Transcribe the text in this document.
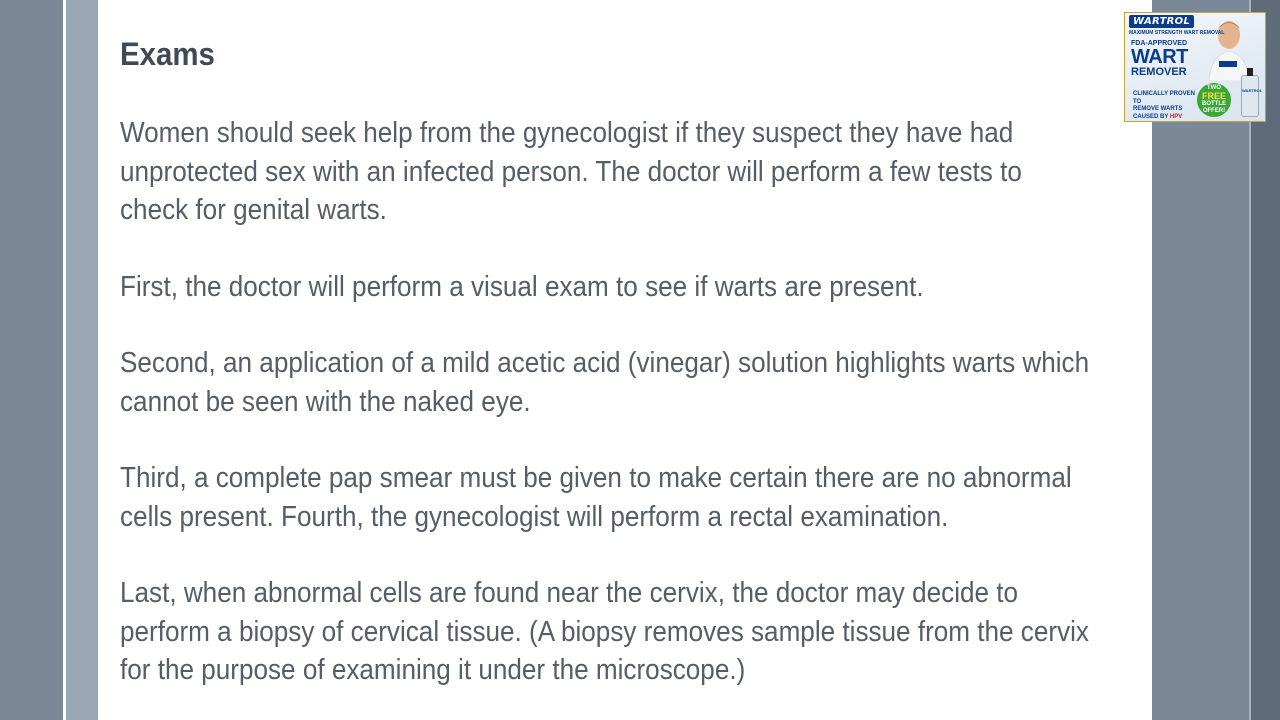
Exams

Women should seek help from the gynecologist if they suspect they have had unprotected sex with an infected person. The doctor will perform a few tests to check for genital warts.

First, the doctor will perform a visual exam to see if warts are present.

Second, an application of a mild acetic acid (vinegar) solution highlights warts which cannot be seen with the naked eye.

Third, a complete pap smear must be given to make certain there are no abnormal cells present. Fourth, the gynecologist will perform a rectal examination.

Last, when abnormal cells are found near the cervix, the doctor may decide to perform a biopsy of cervical tissue. (A biopsy removes sample tissue from the cervix for the purpose of examining it under the microscope.)

WARTROL
MAXIMUM STRENGTH WART REMOVAL
FDA-APPROVED
WART
REMOVER
CLINICALLY PROVEN TO
REMOVE WARTS
CAUSED BY HPV
TWO
FREE
BOTTLE
OFFER!
WARTROL
